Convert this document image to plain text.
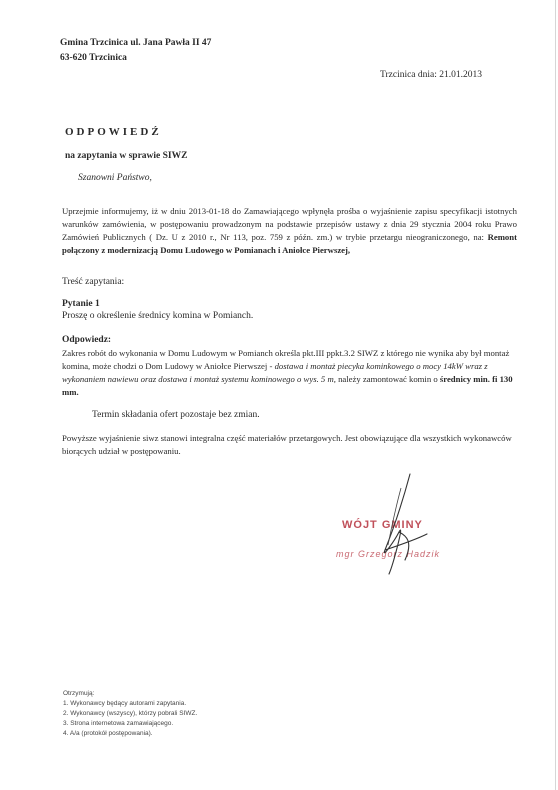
Gmina Trzcinica ul. Jana Pawła II 47
63-620 Trzcinica
Trzcinica dnia: 21.01.2013
ODPOWIEDŹ
na zapytania w sprawie SIWZ
Szanowni Państwo,
Uprzejmie informujemy, iż w dniu 2013-01-18 do Zamawiającego wpłynęła prośba o wyjaśnienie zapisu specyfikacji istotnych warunków zamówienia, w postępowaniu prowadzonym na podstawie przepisów ustawy z dnia 29 stycznia 2004 roku Prawo Zamówień Publicznych ( Dz. U z 2010 r., Nr 113, poz. 759 z późn. zm.) w trybie przetargu nieograniczonego, na: Remont połączony z modernizacją Domu Ludowego w Pomianach i Aniołce Pierwszej,
Treść zapytania:
Pytanie 1
Proszę o określenie średnicy komina w Pomianch.
Odpowiedz:
Zakres robót do wykonania w Domu Ludowym w Pomianch określa pkt.III ppkt.3.2 SIWZ z którego nie wynika aby był montaż komina, może chodzi o Dom Ludowy w Aniołce Pierwszej - dostawa i montaż piecyka kominkowego o mocy 14kW wraz z wykonaniem nawiewu oraz dostawa i montaż systemu kominowego o wys. 5 m, należy zamontować komin o średnicy min. fi 130 mm.
Termin składania ofert pozostaje bez zmian.
Powyższe wyjaśnienie siwz stanowi integralna część materiałów przetargowych. Jest obowiązujące dla wszystkich wykonawców biorących udział w postępowaniu.
WÓJT GMINY
mgr Grzegorz Hadzik
Otrzymują:
1. Wykonawcy będący autorami zapytania.
2. Wykonawcy (wszyscy), którzy pobrali SIWZ.
3. Strona internetowa zamawiającego.
4. A/a (protokół postępowania).
